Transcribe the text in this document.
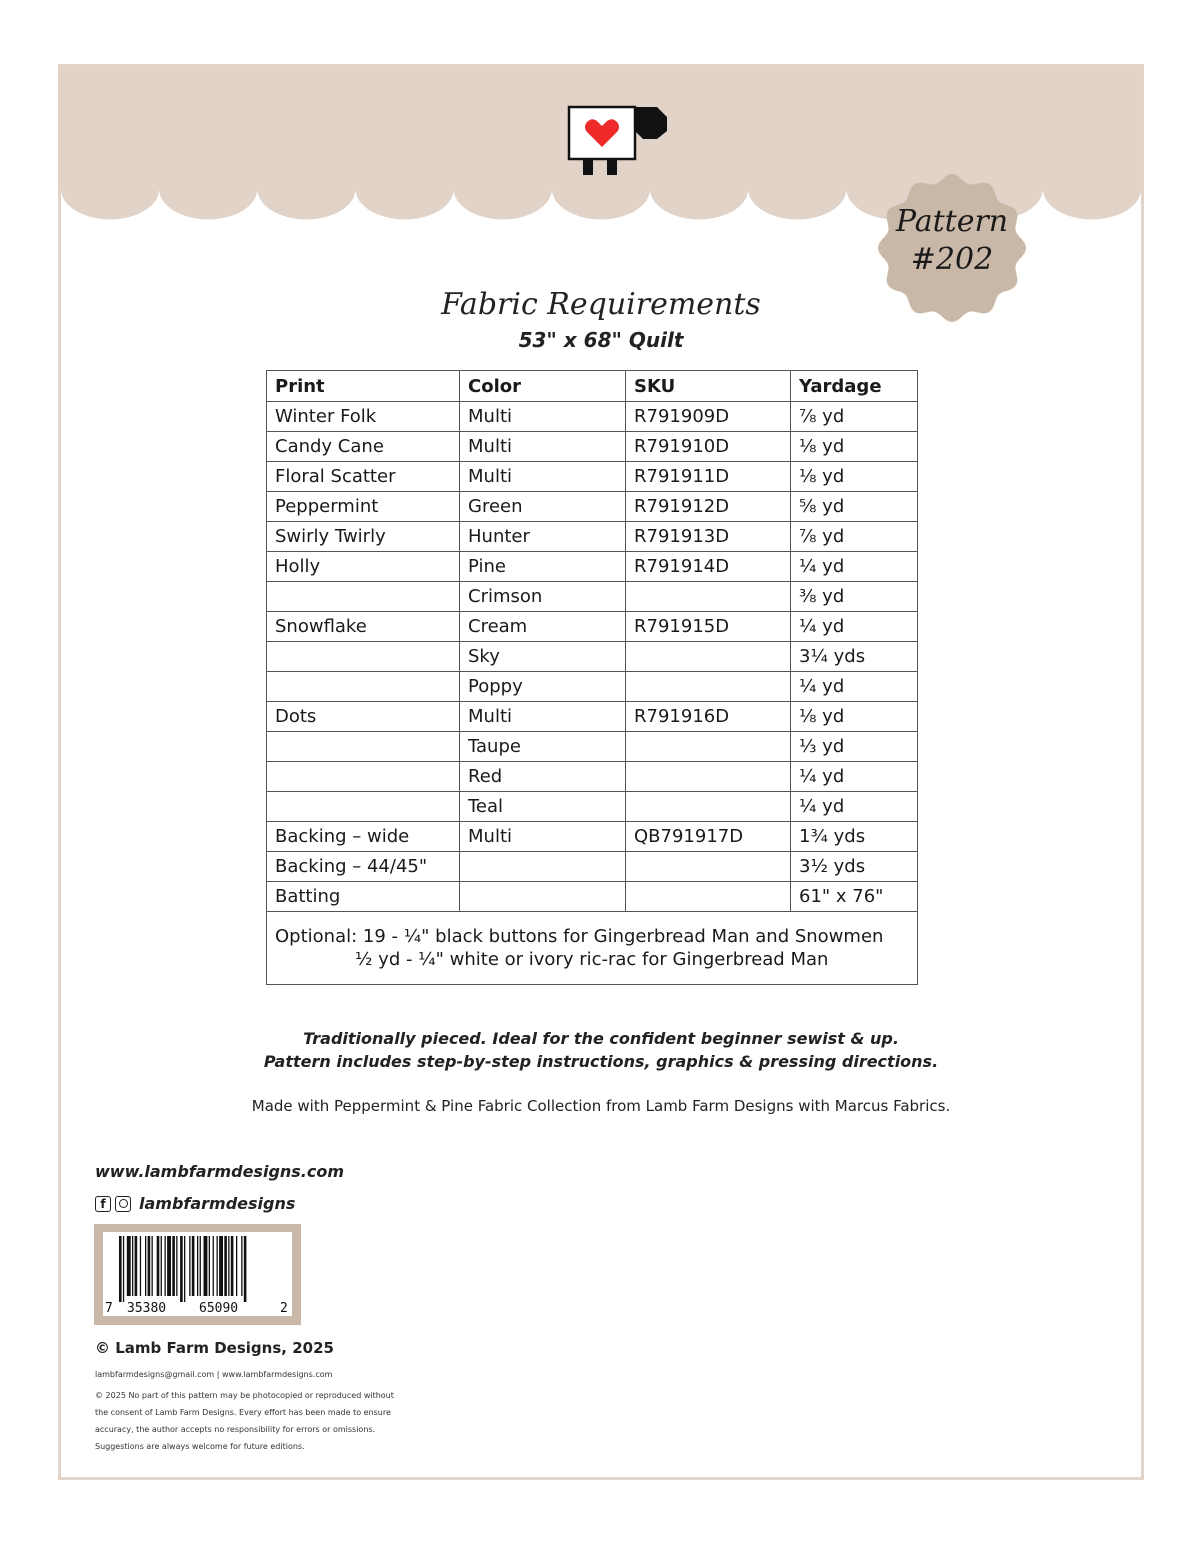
Pattern
#202
Fabric Requirements
53" x 68" Quilt
Print	Color	SKU	Yardage
Winter Folk	Multi	R791909D	⅞ yd
Candy Cane	Multi	R791910D	⅛ yd
Floral Scatter	Multi	R791911D	⅛ yd
Peppermint	Green	R791912D	⅝ yd
Swirly Twirly	Hunter	R791913D	⅞ yd
Holly	Pine	R791914D	¼ yd
	Crimson		⅜ yd
Snowflake	Cream	R791915D	¼ yd
	Sky		3¼ yds
	Poppy		¼ yd
Dots	Multi	R791916D	⅛ yd
	Taupe		⅓ yd
	Red		¼ yd
	Teal		¼ yd
Backing – wide	Multi	QB791917D	1¾ yds
Backing – 44/45"			3½ yds
Batting			61" x 76"
Optional: 19 - ¼" black buttons for Gingerbread Man and Snowmen
½ yd - ¼" white or ivory ric-rac for Gingerbread Man			
Traditionally pieced. Ideal for the confident beginner sewist & up.
Pattern includes step-by-step instructions, graphics & pressing directions.
Made with Peppermint & Pine Fabric Collection from Lamb Farm Designs with Marcus Fabrics.
www.lambfarmdesigns.com
f	lambfarmdesigns
7 35380	65090	2
© Lamb Farm Designs, 2025
lambfarmdesigns@gmail.com | www.lambfarmdesigns.com
© 2025 No part of this pattern may be photocopied or reproduced without
the consent of Lamb Farm Designs. Every effort has been made to ensure
accuracy, the author accepts no responsibility for errors or omissions.
Suggestions are always welcome for future editions.
